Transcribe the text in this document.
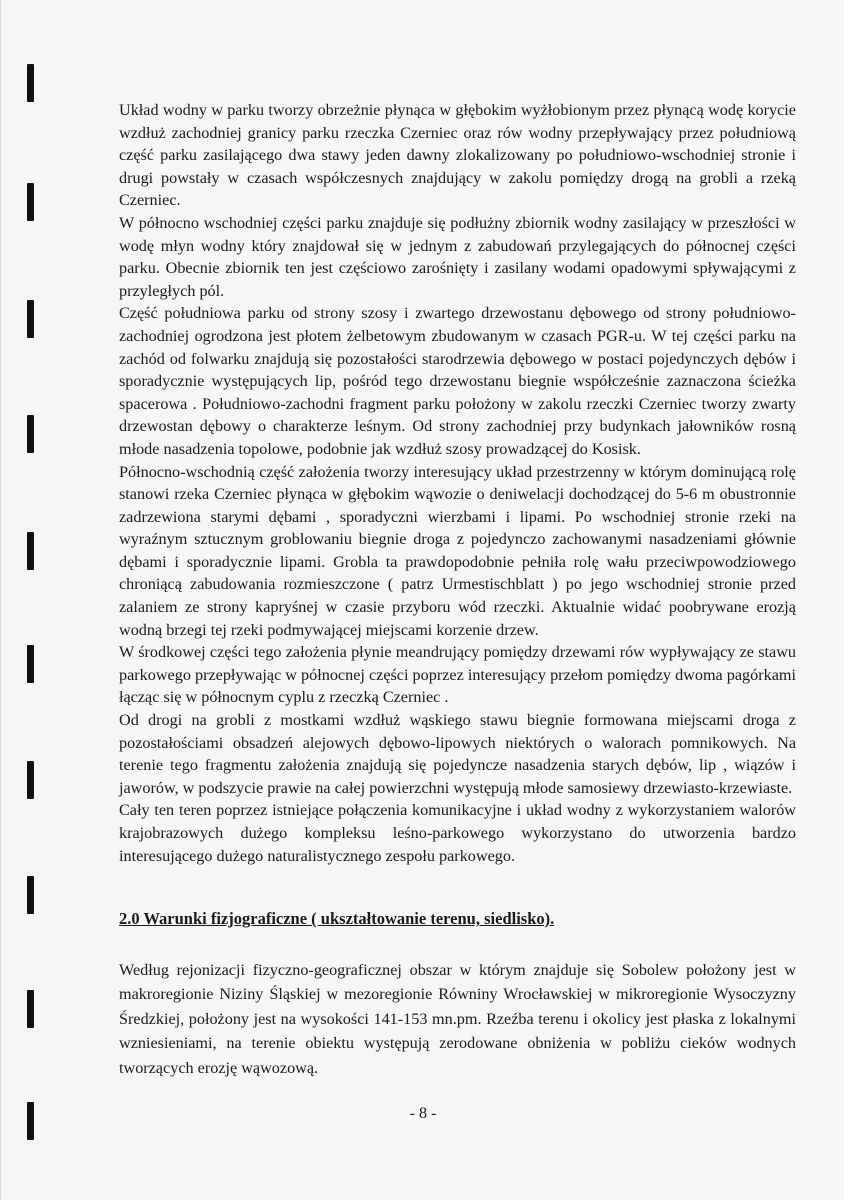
Układ wodny w parku tworzy obrzeżnie płynąca w głębokim wyżłobionym przez płynącą wodę korycie wzdłuż zachodniej granicy parku rzeczka Czerniec oraz rów wodny przepływający przez południową część parku zasilającego dwa stawy jeden dawny zlokalizowany po południowo-wschodniej stronie i drugi powstały w czasach współczesnych znajdujący w zakolu pomiędzy drogą na grobli a rzeką Czerniec.

W północno wschodniej części parku znajduje się podłużny zbiornik wodny zasilający w przeszłości w wodę młyn wodny który znajdował się w jednym z zabudowań przylegających do północnej części parku. Obecnie zbiornik ten jest częściowo zarośnięty i zasilany wodami opadowymi spływającymi z przyległych pól.

Część południowa parku od strony szosy i zwartego drzewostanu dębowego od strony południowo-zachodniej ogrodzona jest płotem żelbetowym zbudowanym w czasach PGR-u. W tej części parku na zachód od folwarku znajdują się pozostałości starodrzewia dębowego w postaci pojedynczych dębów i sporadycznie występujących lip, pośród tego drzewostanu biegnie współcześnie zaznaczona ścieżka spacerowa . Południowo-zachodni fragment parku położony w zakolu rzeczki Czerniec tworzy zwarty drzewostan dębowy o charakterze leśnym. Od strony zachodniej przy budynkach jałowników rosną młode nasadzenia topolowe, podobnie jak wzdłuż szosy prowadzącej do Kosisk.

Północno-wschodnią część założenia tworzy interesujący układ przestrzenny w którym dominującą rolę stanowi rzeka Czerniec płynąca w głębokim wąwozie o deniwelacji dochodzącej do 5-6 m obustronnie zadrzewiona starymi dębami , sporadyczni wierzbami i lipami. Po wschodniej stronie rzeki na wyraźnym sztucznym groblowaniu biegnie droga z pojedynczo zachowanymi nasadzeniami głównie dębami i sporadycznie lipami. Grobla ta prawdopodobnie pełniła rolę wału przeciwpowodziowego chroniącą zabudowania rozmieszczone ( patrz Urmestischblatt ) po jego wschodniej stronie przed zalaniem ze strony kapryśnej w czasie przyboru wód rzeczki. Aktualnie widać poobrywane erozją wodną brzegi tej rzeki podmywającej miejscami korzenie drzew.

W środkowej części tego założenia płynie meandrujący pomiędzy drzewami rów wypływający ze stawu parkowego przepływając w północnej części poprzez interesujący przełom pomiędzy dwoma pagórkami łącząc się w północnym cyplu z rzeczką Czerniec .

Od drogi na grobli z mostkami wzdłuż wąskiego stawu biegnie formowana miejscami droga z pozostałościami obsadzeń alejowych dębowo-lipowych niektórych o walorach pomnikowych. Na terenie tego fragmentu założenia znajdują się pojedyncze nasadzenia starych dębów, lip , wiązów i jaworów, w podszycie prawie na całej powierzchni występują młode samosiewy drzewiasto-krzewiaste.

Cały ten teren poprzez istniejące połączenia komunikacyjne i układ wodny z wykorzystaniem walorów krajobrazowych dużego kompleksu leśno-parkowego wykorzystano do utworzenia bardzo interesującego dużego naturalistycznego zespołu parkowego.

2.0 Warunki fizjograficzne ( ukształtowanie terenu, siedlisko).

Według rejonizacji fizyczno-geograficznej obszar w którym znajduje się Sobolew położony jest w makroregionie Niziny Śląskiej w mezoregionie Równiny Wrocławskiej w mikroregionie Wysoczyzny Średzkiej, położony jest na wysokości 141-153 mn.pm. Rzeźba terenu i okolicy jest płaska z lokalnymi wzniesieniami, na terenie obiektu występują zerodowane obniżenia w pobliżu cieków wodnych tworzących erozję wąwozową.

- 8 -
